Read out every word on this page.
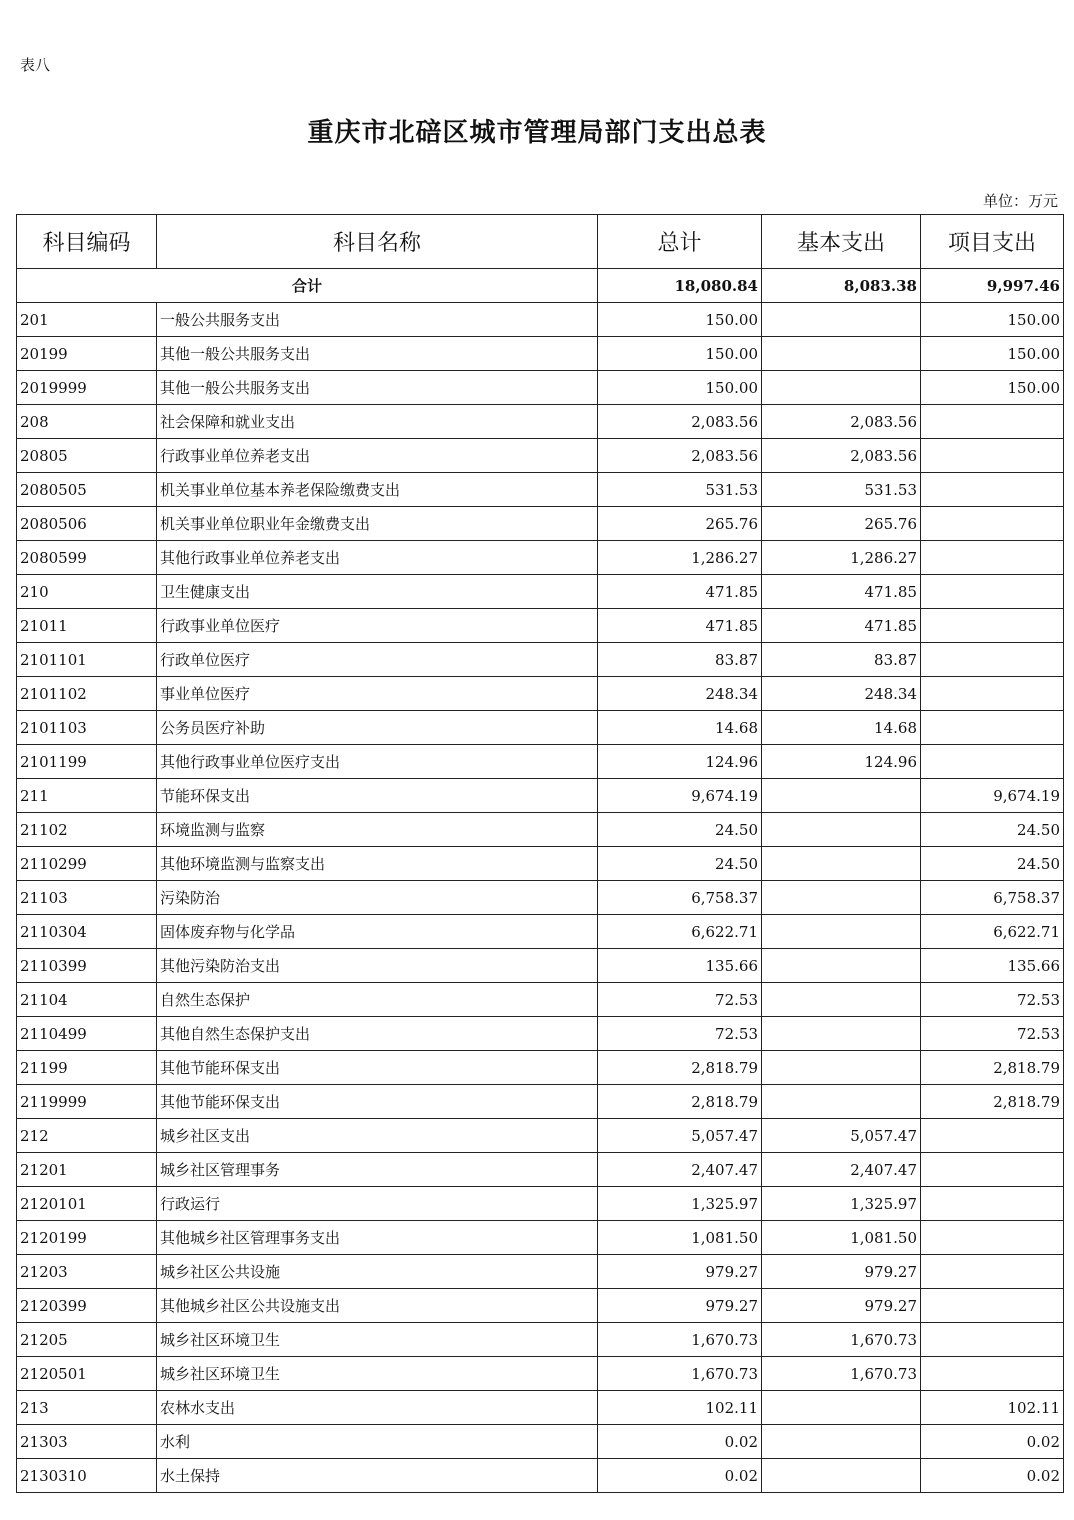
表八
重庆市北碚区城市管理局部门支出总表
单位：万元
科目编码	科目名称	总计	基本支出	项目支出
合计		18,080.84	8,083.38	9,997.46
201	一般公共服务支出	150.00		150.00
20199	其他一般公共服务支出	150.00		150.00
2019999	其他一般公共服务支出	150.00		150.00
208	社会保障和就业支出	2,083.56	2,083.56	
20805	行政事业单位养老支出	2,083.56	2,083.56	
2080505	机关事业单位基本养老保险缴费支出	531.53	531.53	
2080506	机关事业单位职业年金缴费支出	265.76	265.76	
2080599	其他行政事业单位养老支出	1,286.27	1,286.27	
210	卫生健康支出	471.85	471.85	
21011	行政事业单位医疗	471.85	471.85	
2101101	行政单位医疗	83.87	83.87	
2101102	事业单位医疗	248.34	248.34	
2101103	公务员医疗补助	14.68	14.68	
2101199	其他行政事业单位医疗支出	124.96	124.96	
211	节能环保支出	9,674.19		9,674.19
21102	环境监测与监察	24.50		24.50
2110299	其他环境监测与监察支出	24.50		24.50
21103	污染防治	6,758.37		6,758.37
2110304	固体废弃物与化学品	6,622.71		6,622.71
2110399	其他污染防治支出	135.66		135.66
21104	自然生态保护	72.53		72.53
2110499	其他自然生态保护支出	72.53		72.53
21199	其他节能环保支出	2,818.79		2,818.79
2119999	其他节能环保支出	2,818.79		2,818.79
212	城乡社区支出	5,057.47	5,057.47	
21201	城乡社区管理事务	2,407.47	2,407.47	
2120101	行政运行	1,325.97	1,325.97	
2120199	其他城乡社区管理事务支出	1,081.50	1,081.50	
21203	城乡社区公共设施	979.27	979.27	
2120399	其他城乡社区公共设施支出	979.27	979.27	
21205	城乡社区环境卫生	1,670.73	1,670.73	
2120501	城乡社区环境卫生	1,670.73	1,670.73	
213	农林水支出	102.11		102.11
21303	水利	0.02		0.02
2130310	水土保持	0.02		0.02
